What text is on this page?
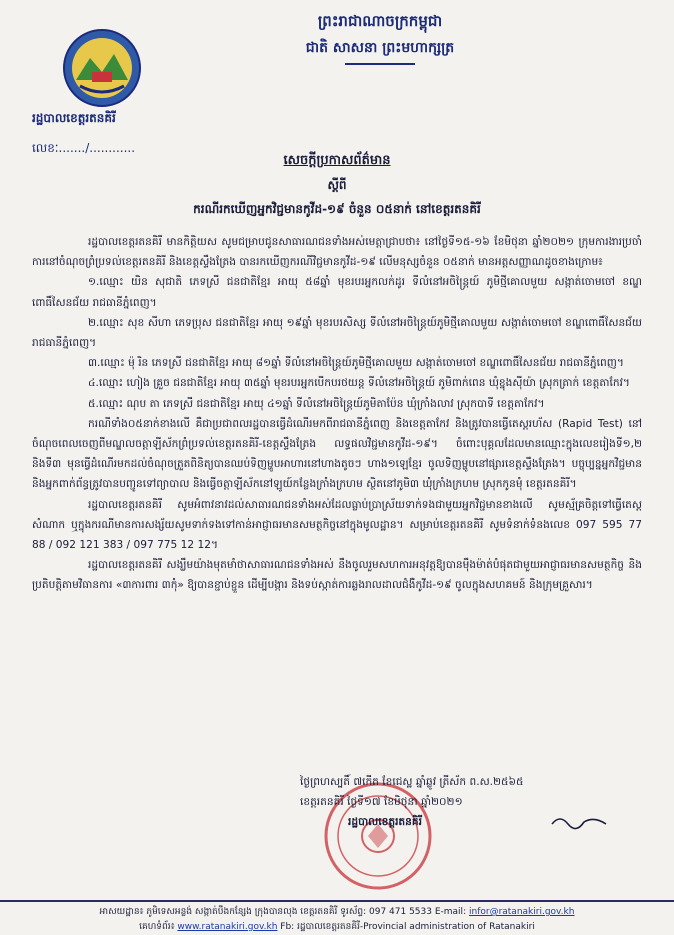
ព្រះរាជាណាចក្រកម្ពុជា
ជាតិ សាសនា ព្រះមហាក្សត្រ
រដ្ឋបាលខេត្តរតនគិរី
លេខៈ......./............
សេចក្តីប្រកាសព័ត៌មាន
ស្តីពី
ករណីរកឃើញអ្នកវិជ្ជមានកូវីដ-១៩ ចំនួន ០៥នាក់ នៅខេត្តរតនគិរី

រដ្ឋបាលខេត្តរតនគិរី មានកិត្តិយស សូមជម្រាបជូនសាធារណជនទាំងអស់មេត្តាជ្រាបថា៖ នៅថ្ងៃទី១៥-១៦ ខែមិថុនា ឆ្នាំ២០២១ ក្រុមការងារប្រចាំការនៅចំណុចព្រំប្រទល់ខេត្តរតនគិរី និងខេត្តស្ទឹងត្រែង បានរកឃើញករណីវិជ្ជមានកូវីដ-១៩ លើមនុស្សចំនួន ០៥នាក់ មានអត្តសញ្ញាណដូចខាងក្រោម៖

១.ឈ្មោះ យិន សុជាតិ ភេទស្រី ជនជាតិខ្មែរ អាយុ ៥៨ឆ្នាំ មុខរបរអ្នកលក់ដូរ ទីលំនៅអចិន្ត្រៃយ៍ ភូមិថ្មីគោលមួយ សង្កាត់ចោមចៅ ខណ្ឌពោធិ៍សែនជ័យ រាជធានីភ្នំពេញ។

២.ឈ្មោះ សុខ សីហា ភេទប្រុស ជនជាតិខ្មែរ អាយុ ១៩ឆ្នាំ មុខរបរសិស្ស ទីលំនៅអចិន្ត្រៃយ៍ភូមិថ្មីគោលមួយ សង្កាត់ចោមចៅ ខណ្ឌពោធិ៍សែនជ័យ រាជធានីភ្នំពេញ។

៣.ឈ្មោះ ម៉ុ រិន ភេទស្រី ជនជាតិខ្មែរ អាយុ ៨១ឆ្នាំ ទីលំនៅអចិន្ត្រៃយ៍ភូមិថ្មីគោលមួយ សង្កាត់ចោមចៅ ខណ្ឌពោធិ៍សែនជ័យ រាជធានីភ្នំពេញ។

៤.ឈ្មោះ ហៀង គ្រួច ជនជាតិខ្មែរ អាយុ ៣៥ឆ្នាំ មុខរបរអ្នកបើកបរថយន្ត ទីលំនៅអចិន្ត្រៃយ៍ ភូមិពាក់ពេន ឃុំខ្នុងស៊ីយ៉ា ស្រុកត្រាក់ ខេត្តតាកែវ។

៥.ឈ្មោះ ណុប តា ភេទស្រី ជនជាតិខ្មែរ អាយុ ៤១ឆ្នាំ ទីលំនៅអចិន្ត្រៃយ៍ភូមិតាប៉ែន ឃុំក្រាំងលាវ ស្រុកបាទី ខេត្តតាកែវ។

ករណីទាំង០៥នាក់ខាងលើ គឺជាប្រជាពលរដ្ឋបានធ្វើដំណើរមកពីរាជធានីភ្នំពេញ និងខេត្តតាកែវ និងត្រូវបានធ្វើតេស្តរហ័ស (Rapid Test) នៅចំណុចពេលចេញពីមណ្ឌលចត្តាឡីស័កព្រំប្រទល់ខេត្តរតនគិរី-ខេត្តស្ទឹងត្រែង លទ្ធផលវិជ្ជមានកូវីដ-១៩។ ចំពោះបុគ្គលដែលមានឈ្មោះក្នុងលេខរៀងទី១,២ និងទី៣ មុនធ្វើដំណើរមកដល់ចំណុចត្រួតពិនិត្យបានឈប់ទិញម្ហូបអាហារនៅហាងតូចៗ ហាង១ឡេខ្មែរ ចូលទិញម្ហូបនៅផ្សារខេត្តស្ទឹងត្រែង។ បច្ចុប្បន្នអ្នកវិជ្ជមាន និងអ្នកពាក់ព័ន្ធត្រូវបានបញ្ជូនទៅព្យាបាល និងធ្វើចត្តាឡីស័កនៅឡូយ៍កន្លែងក្រាំងក្រហម ស្ថិតនៅភូមិ៣ ឃុំក្រាំងក្រហម ស្រុកកូនមុំ ខេត្តរតនគិរី។

រដ្ឋបាលខេត្តរតនគិរី សូមអំពាវនាវដល់សាធារណជនទាំងអស់ដែលធ្លាប់ប្រាស្រ័យទាក់ទងជាមួយអ្នកវិជ្ជមានខាងលើ សូមស្ម័គ្រចិត្តទៅធ្វើតេស្តសំណាក ឬក្នុងករណីមានការសង្ស័យសូមទាក់ទងទៅកាន់អាជ្ញាធរមានសមត្ថកិច្ចនៅក្នុងមូលដ្ឋាន។ សម្រាប់ខេត្តរតនគិរី សូមទំនាក់ទំនងលេខ 097 595 77 88 / 092 121 383 / 097 775 12 12។

រដ្ឋបាលខេត្តរតនគិរី សង្ឃឹមយ៉ាងមុតមាំថាសាធារណជនទាំងអស់ នឹងចូលរួមសហការអនុវត្តឱ្យបានម៉ឹងម៉ាត់បំផុតជាមួយអាជ្ញាធរមានសមត្ថកិច្ច និងប្រតិបត្តិតាមវិធានការ «៣ការពារ ៣កុំ» ឱ្យបានខ្ជាប់ខ្ជួន ដើម្បីបង្ការ និងទប់ស្កាត់ការឆ្លងរាលដាលជំងឺកូវីដ-១៩ ចូលក្នុងសហគមន៍ និងក្រុមគ្រួសារ។

ថ្ងៃព្រហស្បតិ៍ ៧កើត ខែជេស្ឋ ឆ្នាំឆ្លូវ ត្រីស័ក ព.ស.២៥៦៥
ខេត្តរតនគិរី ថ្ងៃទី១៧ ខែមិថុនា ឆ្នាំ២០២១
រដ្ឋបាលខេត្តរតនគិរី
អាសយដ្ឋាន៖ ភូមិទេសអន្លង់ សង្កាត់បឹងកន្សែង ក្រុងបានលុង ខេត្តរតនគិរី ទូរស័ព្ទ: 097 471 5533 E-mail: infor@ratanakiri.gov.kh
គេហទំព័រ៖ www.ratanakiri.gov.kh Fb: រដ្ឋបាលខេត្តរតនគិរី-Provincial administration of Ratanakiri
